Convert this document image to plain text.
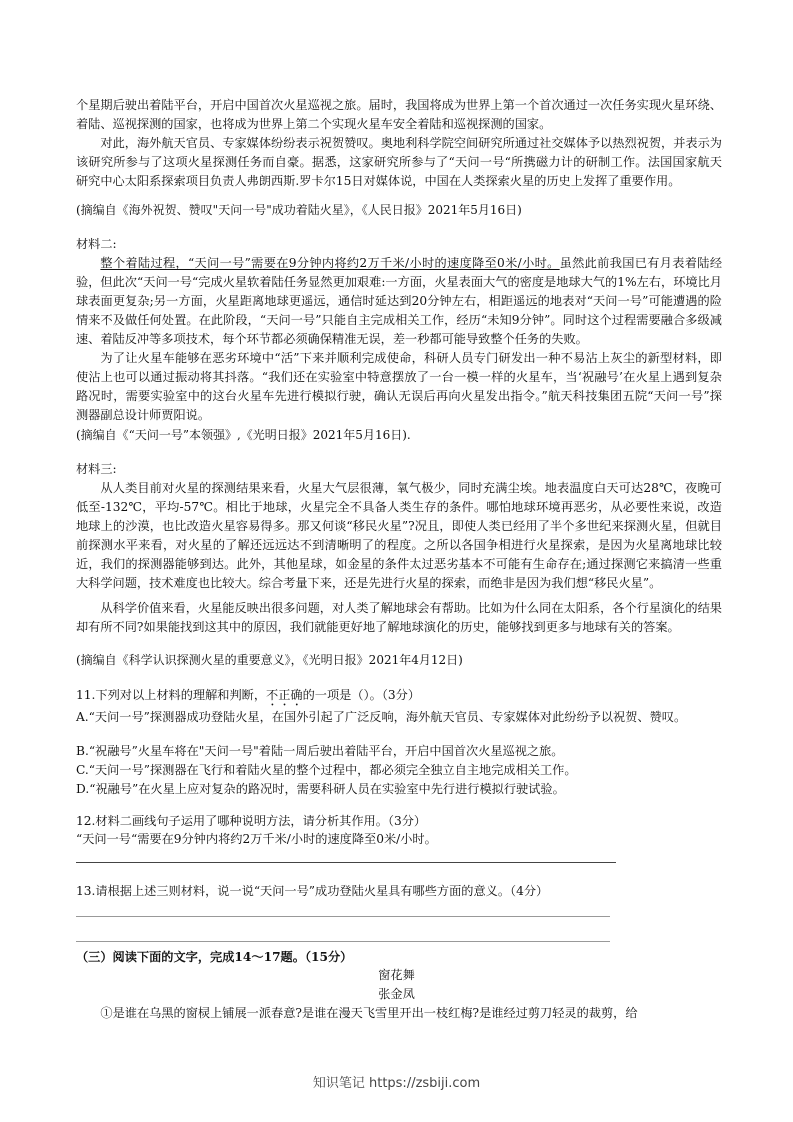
个星期后驶出着陆平台，开启中国首次火星巡视之旅。届时，我国将成为世界上第一个首次通过一次任务实现火星环绕、着陆、巡视探测的国家，也将成为世界上第二个实现火星车安全着陆和巡视探测的国家。

对此，海外航天官员、专家媒体纷纷表示祝贺赞叹。奥地利科学院空间研究所通过社交媒体予以热烈祝贺，并表示为该研究所参与了这项火星探测任务而自豪。据悉，这家研究所参与了“天问一号“所携磁力计的研制工作。法国国家航天研究中心太阳系探索项目负责人弗朗西斯.罗卡尔15日对媒体说，中国在人类探索火星的历史上发挥了重要作用。

(摘编自《海外祝贺、赞叹"天问一号"成功着陆火星》，《人民日报》2021年5月16日)

材料二:

整个着陆过程，“天问一号”需要在9分钟内将约2万千米/小时的速度降至0米/小时。虽然此前我国已有月表着陆经验，但此次“天问一号“完成火星软着陆任务显然更加艰难:一方面，火星表面大气的密度是地球大气的1%左右，环境比月球表面更复杂;另一方面，火星距离地球更遥远，通信时延达到20分钟左右，相距遥远的地表对“天问一号”可能遭遇的险情来不及做任何处置。在此阶段，“天问一号”只能自主完成相关工作，经历“未知9分钟”。同时这个过程需要融合多级减速、着陆反冲等多项技术，每个环节都必须确保精准无误，差一秒都可能导致整个任务的失败。

为了让火星车能够在恶劣环境中“活”下来并顺利完成使命，科研人员专门研发出一种不易沾上灰尘的新型材料，即使沾上也可以通过振动将其抖落。“我们还在实验室中特意摆放了一台一模一样的火星车，当‘祝融号’在火星上遇到复杂路况时，需要实验室中的这台火星车先进行模拟行驶，确认无误后再向火星发出指令。”航天科技集团五院“天问一号”探测器副总设计师贾阳说。

(摘编自《“天问一号”本领强》,《光明日报》2021年5月16日).

材料三:

从人类目前对火星的探测结果来看，火星大气层很薄，氧气极少，同时充满尘埃。地表温度白天可达28℃，夜晚可低至-132℃，平均-57℃。相比于地球，火星完全不具备人类生存的条件。哪怕地球环境再恶劣，从必要性来说，改造地球上的沙漠，也比改造火星容易得多。那又何谈“移民火星”?况且，即使人类已经用了半个多世纪来探测火星，但就目前探测水平来看，对火星的了解还远远达不到清晰明了的程度。之所以各国争相进行火星探索，是因为火星离地球比较近，我们的探测器能够到达。此外，其他星球，如金星的条件太过恶劣基本不可能有生命存在;通过探测它来搞清一些重大科学问题，技术难度也比较大。综合考量下来，还是先进行火星的探索，而绝非是因为我们想“移民火星”。

从科学价值来看，火星能反映出很多问题，对人类了解地球会有帮助。比如为什么同在太阳系，各个行星演化的结果却有所不同?如果能找到这其中的原因，我们就能更好地了解地球演化的历史，能够找到更多与地球有关的答案。

(摘编自《科学认识探测火星的重要意义》，《光明日报》2021年4月12日)

11.下列对以上材料的理解和判断，不正确的一项是（）。（3分）

A.“天问一号”探测器成功登陆火星，在国外引起了广泛反响，海外航天官员、专家媒体对此纷纷予以祝贺、赞叹。

B.“祝融号”火星车将在"天问一号"着陆一周后驶出着陆平台，开启中国首次火星巡视之旅。

C.“天问一号”探测器在飞行和着陆火星的整个过程中，都必须完全独立自主地完成相关工作。

D.“祝融号”在火星上应对复杂的路况时，需要科研人员在实验室中先行进行模拟行驶试验。

12.材料二画线句子运用了哪种说明方法，请分析其作用。（3分）

“天问一号“需要在9分钟内将约2万千米/小时的速度降至0米/小时。

13.请根据上述三则材料，说一说“天问一号”成功登陆火星具有哪些方面的意义。（4分）

（三）阅读下面的文字，完成14～17题。（15分）

窗花舞
张金凤

①是谁在乌黑的窗棂上铺展一派春意?是谁在漫天飞雪里开出一枝红梅?是谁经过剪刀轻灵的裁剪，给

知识笔记 https://zsbiji.com
